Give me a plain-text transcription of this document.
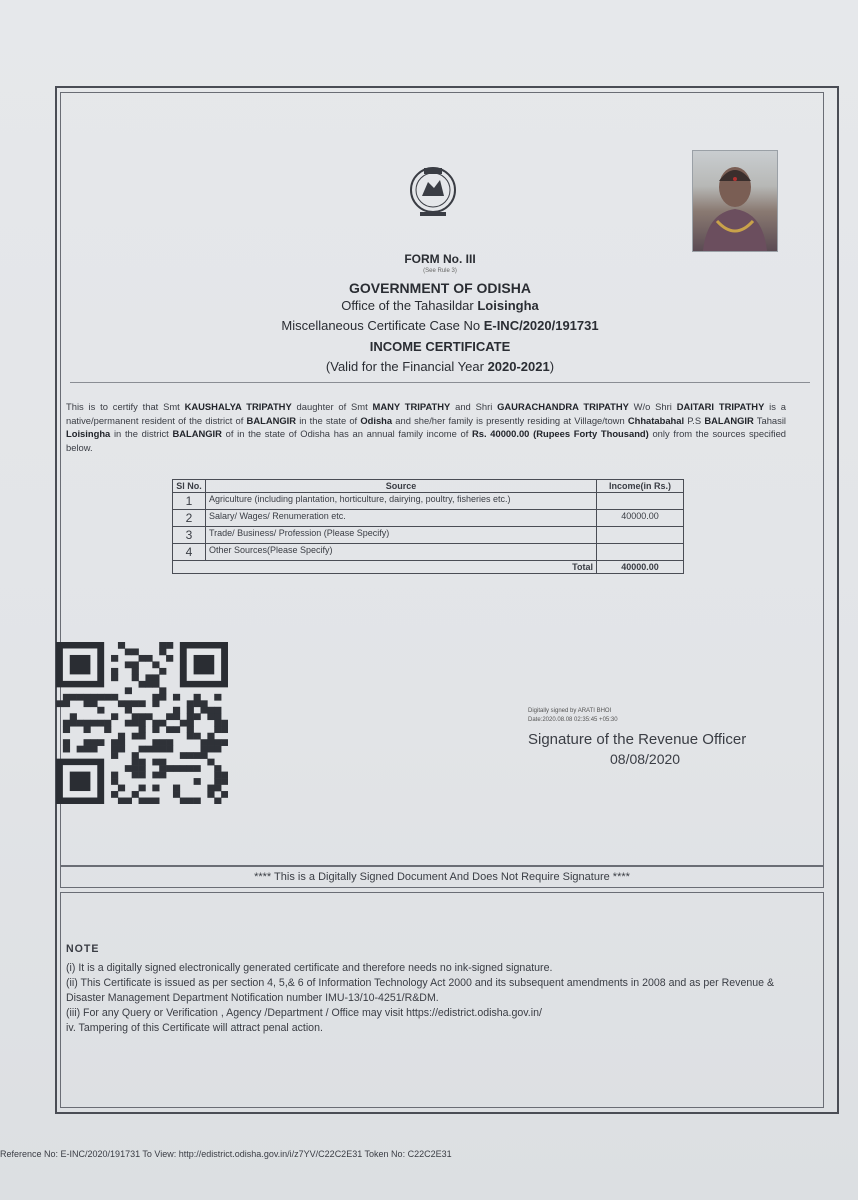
FORM No. III
(See Rule 3)
GOVERNMENT OF ODISHA
Office of the Tahasildar Loisingha
Miscellaneous Certificate Case No E-INC/2020/191731
INCOME CERTIFICATE
(Valid for the Financial Year 2020-2021)
This is to certify that Smt KAUSHALYA TRIPATHY daughter of Smt MANY TRIPATHY and Shri GAURACHANDRA TRIPATHY W/o Shri DAITARI TRIPATHY is a native/permanent resident of the district of BALANGIR in the state of Odisha and she/her family is presently residing at Village/town Chhatabahal P.S BALANGIR Tahasil Loisingha in the district BALANGIR of in the state of Odisha has an annual family income of Rs. 40000.00 (Rupees Forty Thousand) only from the sources specified below.
Sl No.	Source	Income(in Rs.)
1	Agriculture (including plantation, horticulture, dairying, poultry, fisheries etc.)	
2	Salary/ Wages/ Renumeration etc.	40000.00
3	Trade/ Business/ Profession (Please Specify)	
4	Other Sources(Please Specify)	
Total		40000.00
Digitally signed by ARATI BHOI
Date:2020.08.08 02:35:45 +05:30
Signature of the Revenue Officer
08/08/2020
**** This is a Digitally Signed Document And Does Not Require Signature ****
NOTE
(i) It is a digitally signed electronically generated certificate and therefore needs no ink-signed signature.
(ii) This Certificate is issued as per section 4, 5,& 6 of Information Technology Act 2000 and its subsequent amendments in 2008 and as per Revenue & Disaster Management Department Notification number IMU-13/10-4251/R&DM.
(iii) For any Query or Verification , Agency /Department / Office may visit https://edistrict.odisha.gov.in/
iv. Tampering of this Certificate will attract penal action.
Reference No: E-INC/2020/191731 To View: http://edistrict.odisha.gov.in/i/z7YV/C22C2E31 Token No: C22C2E31
